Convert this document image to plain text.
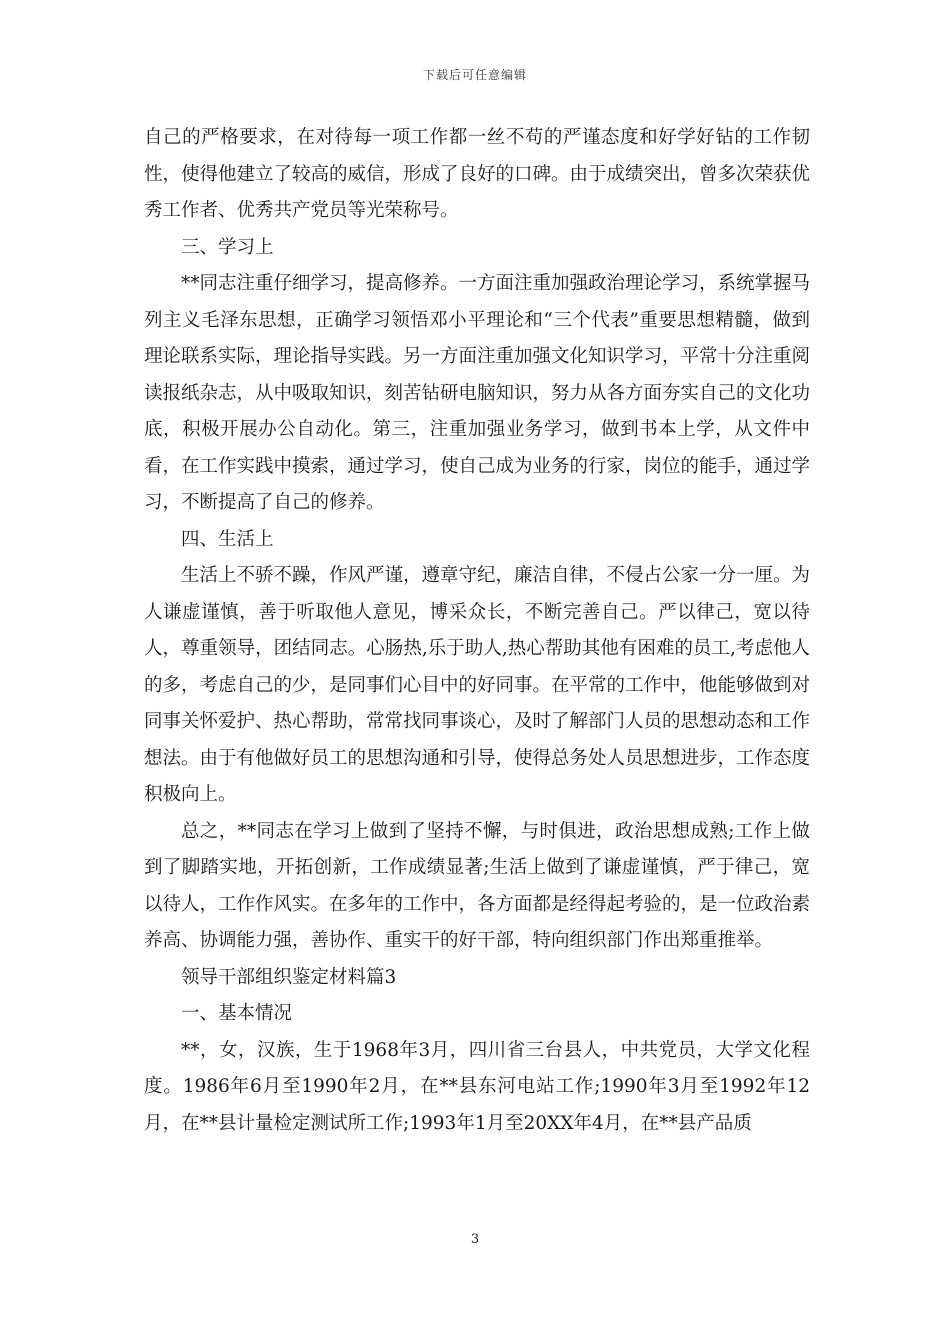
下载后可任意编辑

自己的严格要求，在对待每一项工作都一丝不苟的严谨态度和好学好钻的工作韧性，使得他建立了较高的威信，形成了良好的口碑。由于成绩突出，曾多次荣获优秀工作者、优秀共产党员等光荣称号。

三、学习上

**同志注重仔细学习，提高修养。一方面注重加强政治理论学习，系统掌握马列主义毛泽东思想，正确学习领悟邓小平理论和“三个代表”重要思想精髓，做到理论联系实际，理论指导实践。另一方面注重加强文化知识学习，平常十分注重阅读报纸杂志，从中吸取知识，刻苦钻研电脑知识，努力从各方面夯实自己的文化功底，积极开展办公自动化。第三，注重加强业务学习，做到书本上学，从文件中看，在工作实践中摸索，通过学习，使自己成为业务的行家，岗位的能手，通过学习，不断提高了自己的修养。

四、生活上

生活上不骄不躁，作风严谨，遵章守纪，廉洁自律，不侵占公家一分一厘。为人谦虚谨慎，善于听取他人意见，博采众长，不断完善自己。严以律己，宽以待人，尊重领导，团结同志。心肠热,乐于助人,热心帮助其他有困难的员工,考虑他人的多，考虑自己的少，是同事们心目中的好同事。在平常的工作中，他能够做到对同事关怀爱护、热心帮助，常常找同事谈心，及时了解部门人员的思想动态和工作想法。由于有他做好员工的思想沟通和引导，使得总务处人员思想进步，工作态度积极向上。

总之，**同志在学习上做到了坚持不懈，与时俱进，政治思想成熟;工作上做到了脚踏实地，开拓创新，工作成绩显著;生活上做到了谦虚谨慎，严于律己，宽以待人，工作作风实。在多年的工作中，各方面都是经得起考验的，是一位政治素养高、协调能力强，善协作、重实干的好干部，特向组织部门作出郑重推举。

领导干部组织鉴定材料篇3

一、基本情况

**，女，汉族，生于1968年3月，四川省三台县人，中共党员，大学文化程度。1986年6月至1990年2月，在**县东河电站工作;1990年3月至1992年12月，在**县计量检定测试所工作;1993年1月至20XX年4月，在**县产品质

3
